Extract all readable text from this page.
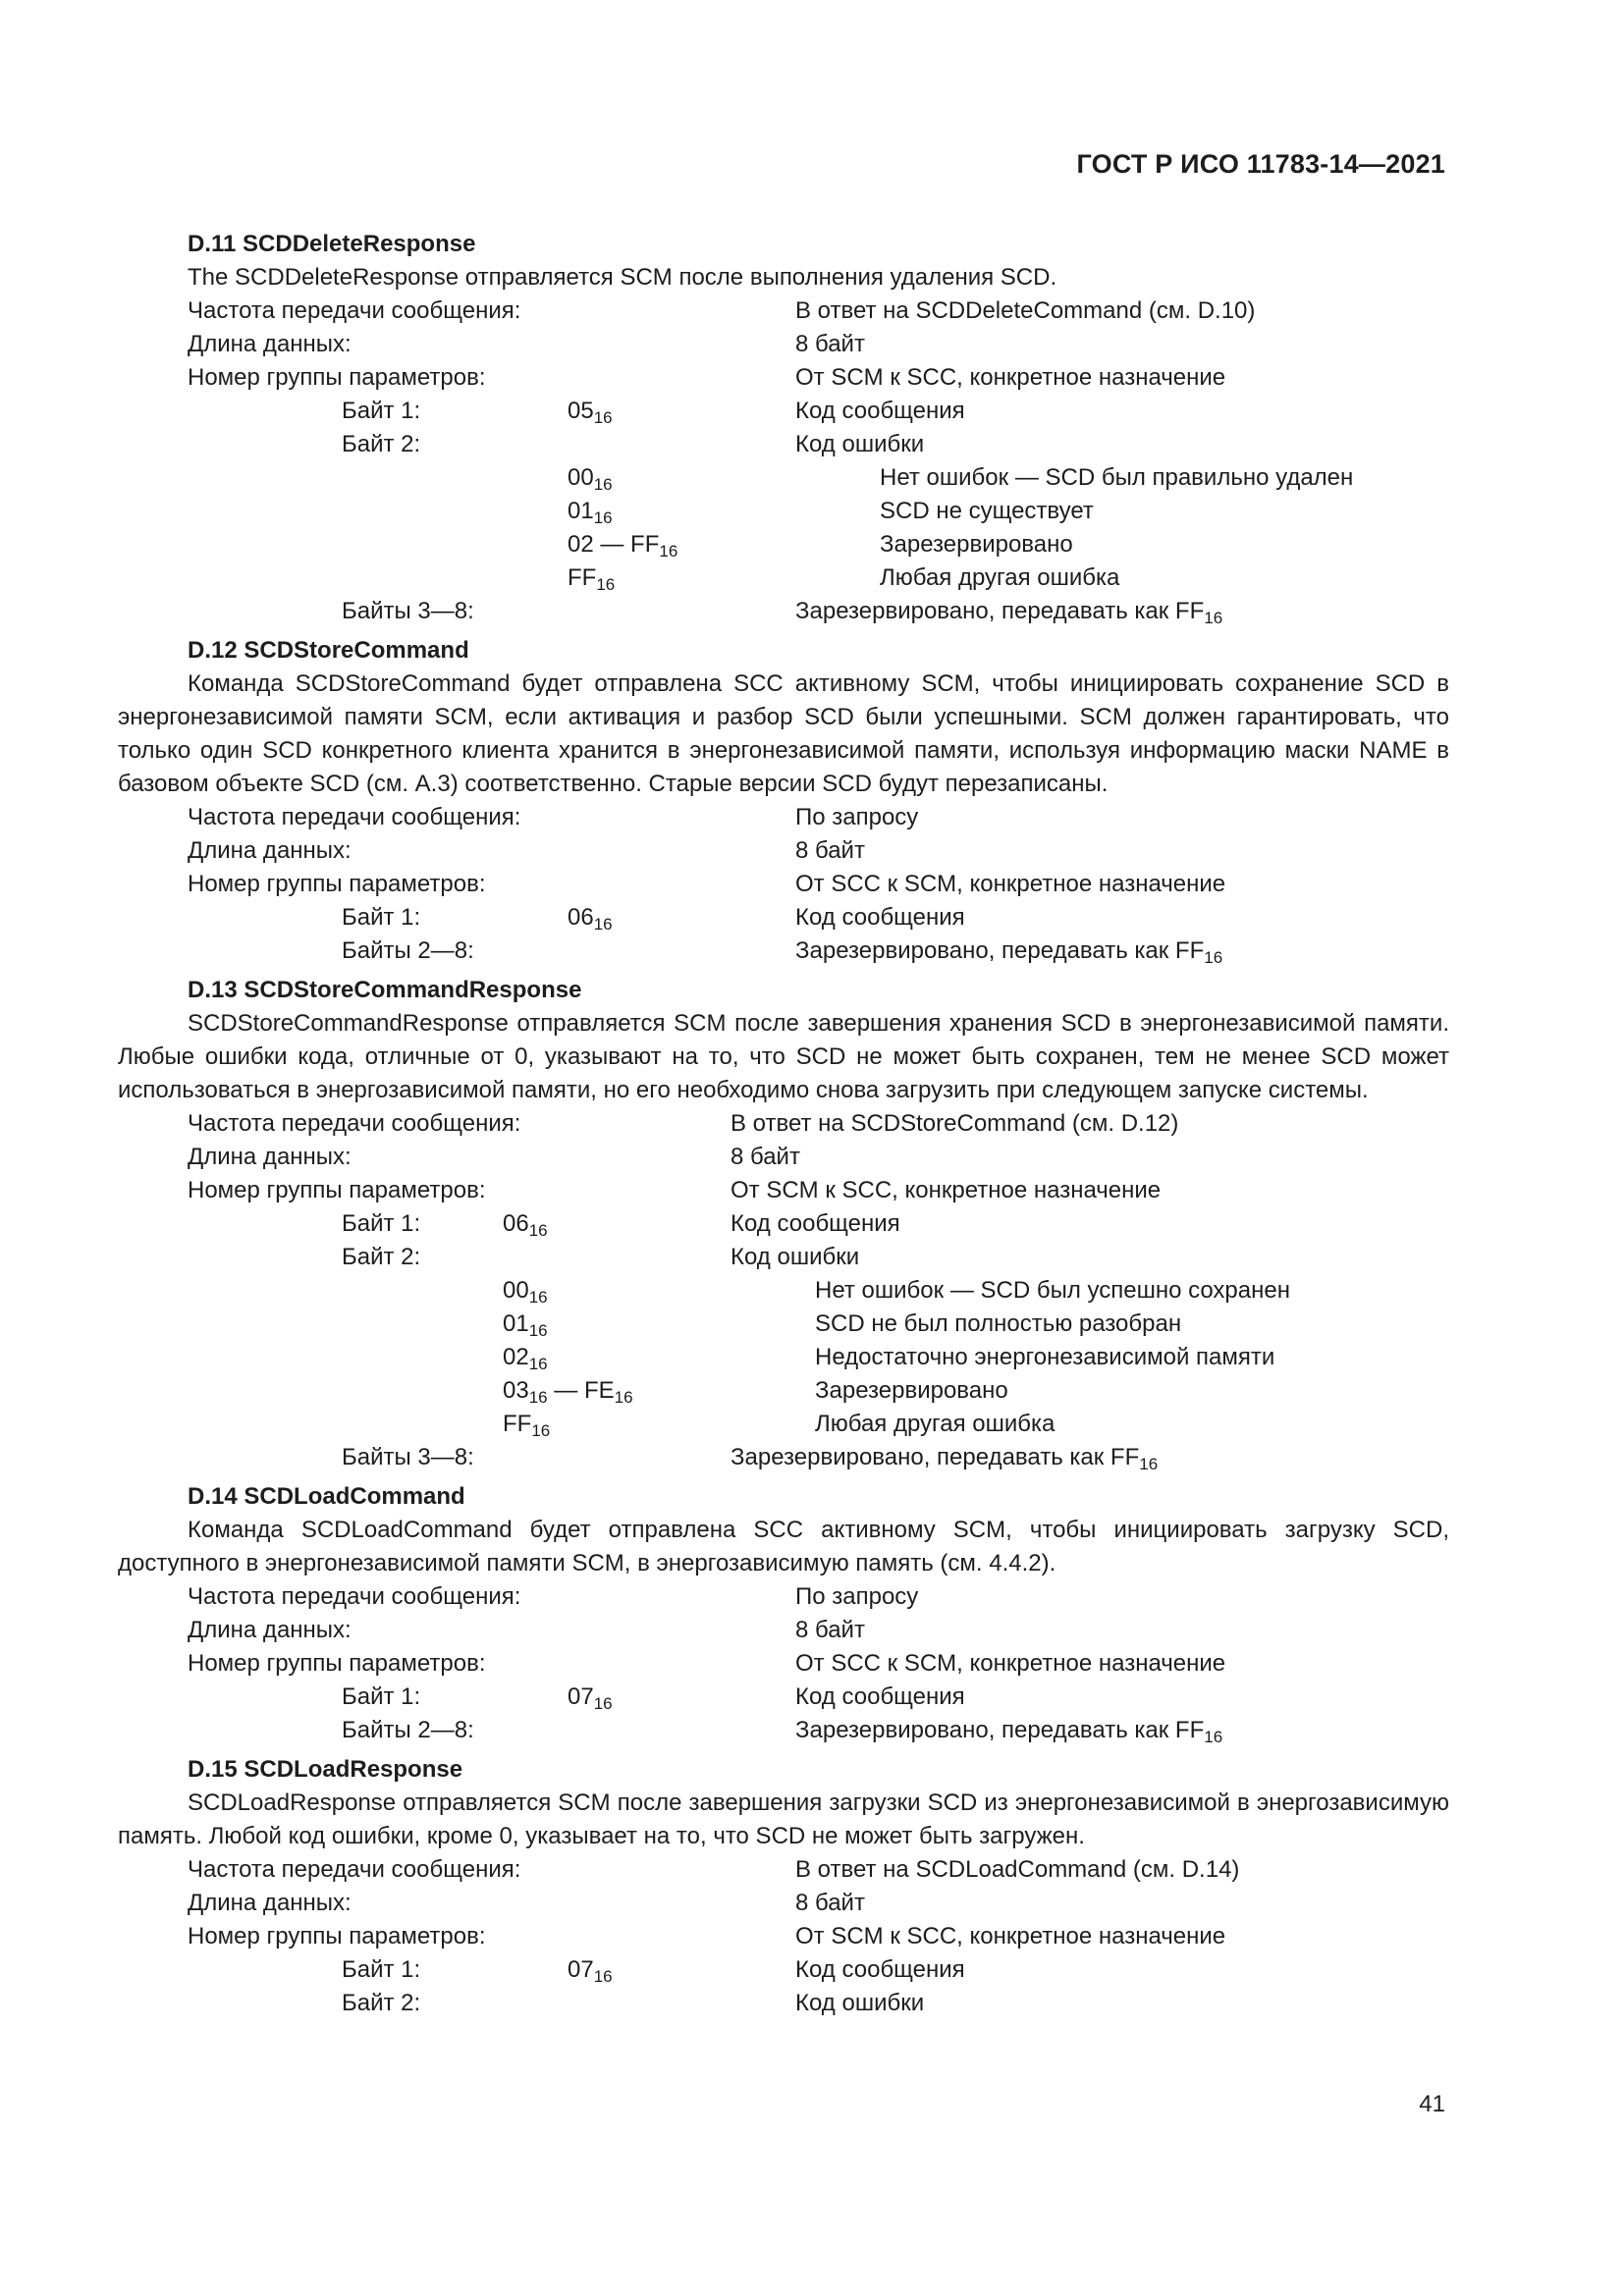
ГОСТ Р ИСО 11783-14—2021
D.11 SCDDeleteResponse
The SCDDeleteResponse отправляется SCM после выполнения удаления SCD.
Частота передачи сообщения:	В ответ на SCDDeleteCommand (см. D.10)
Длина данных:	8 байт
Номер группы параметров:	От SCM к SCC, конкретное назначение
Байт 1:	$05_{16}$	Код сообщения
Байт 2:	Код ошибки
$00_{16}$	Нет ошибок — SCD был правильно удален
$01_{16}$	SCD не существует
02 — $FF_{16}$	Зарезервировано
$FF_{16}$	Любая другая ошибка
Байты 3—8:	Зарезервировано, передавать как $FF_{16}$
D.12 SCDStoreCommand
Команда SCDStoreCommand будет отправлена SCC активному SCM, чтобы инициировать сохранение SCD в энергонезависимой памяти SCM, если активация и разбор SCD были успешными. SCM должен гарантировать, что только один SCD конкретного клиента хранится в энергонезависимой памяти, используя информацию маски NAME в базовом объекте SCD (см. А.3) соответственно. Старые версии SCD будут перезаписаны.
Частота передачи сообщения:	По запросу
Длина данных:	8 байт
Номер группы параметров:	От SCC к SCM, конкретное назначение
Байт 1:	$06_{16}$	Код сообщения
Байты 2—8:	Зарезервировано, передавать как $FF_{16}$
D.13 SCDStoreCommandResponse
SCDStoreCommandResponse отправляется SCM после завершения хранения SCD в энергонезависимой памяти. Любые ошибки кода, отличные от 0, указывают на то, что SCD не может быть сохранен, тем не менее SCD может использоваться в энергозависимой памяти, но его необходимо снова загрузить при следующем запуске системы.
Частота передачи сообщения:	В ответ на SCDStoreCommand (см. D.12)
Длина данных:	8 байт
Номер группы параметров:	От SCM к SCC, конкретное назначение
Байт 1:	$06_{16}$	Код сообщения
Байт 2:	Код ошибки
$00_{16}$	Нет ошибок — SCD был успешно сохранен
$01_{16}$	SCD не был полностью разобран
$02_{16}$	Недостаточно энергонезависимой памяти
$03_{16}$ — $FE_{16}$	Зарезервировано
$FF_{16}$	Любая другая ошибка
Байты 3—8:	Зарезервировано, передавать как $FF_{16}$
D.14 SCDLoadCommand
Команда SCDLoadCommand будет отправлена SCC активному SCM, чтобы инициировать загрузку SCD, доступного в энергонезависимой памяти SCM, в энергозависимую память (см. 4.4.2).
Частота передачи сообщения:	По запросу
Длина данных:	8 байт
Номер группы параметров:	От SCC к SCM, конкретное назначение
Байт 1:	$07_{16}$	Код сообщения
Байты 2—8:	Зарезервировано, передавать как $FF_{16}$
D.15 SCDLoadResponse
SCDLoadResponse отправляется SCM после завершения загрузки SCD из энергонезависимой в энергозависимую память. Любой код ошибки, кроме 0, указывает на то, что SCD не может быть загружен.
Частота передачи сообщения:	В ответ на SCDLoadCommand (см. D.14)
Длина данных:	8 байт
Номер группы параметров:	От SCM к SCC, конкретное назначение
Байт 1:	$07_{16}$	Код сообщения
Байт 2:	Код ошибки
41
